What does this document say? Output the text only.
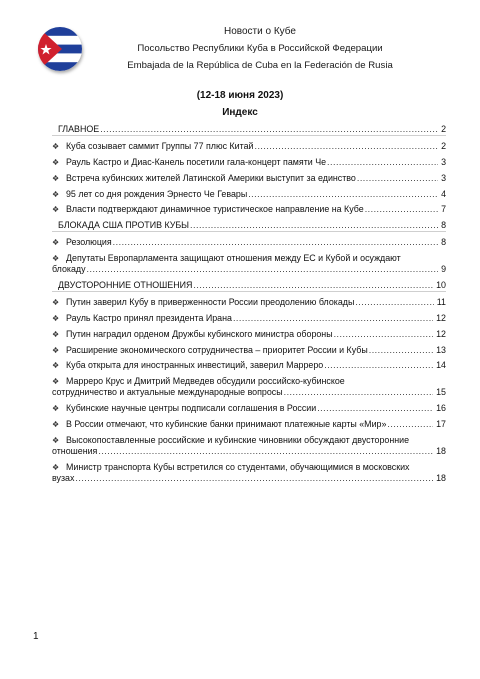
Новости о Кубе
Посольство Республики Куба в Российской Федерации
Embajada de la República de Cuba en la Federación de Rusia
(12-18 июня 2023)
Индекс
ГЛАВНОЕ .....	2
❖ Куба созывает саммит Группы 77 плюс Китай .....	2
❖ Рауль Кастро и Диас-Канель посетили гала-концерт памяти Че .....	3
❖ Встреча кубинских жителей Латинской Америки выступит за единство .....	3
❖ 95 лет со дня рождения Эрнесто Че Гевары .....	4
❖ Власти подтверждают динамичное туристическое направление на Кубе .....	7
БЛОКАДА США ПРОТИВ КУБЫ .....	8
❖ Резолюция .....	8
❖ Депутаты Европарламента защищают отношения между ЕС и Кубой и осуждают
блокаду .....	9
ДВУСТОРОННИЕ ОТНОШЕНИЯ .....	10
❖ Путин заверил Кубу в приверженности России преодолению блокады .....	11
❖ Рауль Кастро принял президента Ирана .....	12
❖ Путин наградил орденом Дружбы кубинского министра обороны .....	12
❖ Расширение экономического сотрудничества – приоритет России и Кубы .....	13
❖ Куба открыта для иностранных инвестиций, заверил Марреро .....	14
❖ Марреро Крус и Дмитрий Медведев обсудили российско-кубинское
сотрудничество и актуальные международные вопросы .....	15
❖ Кубинские научные центры подписали соглашения в России .....	16
❖ В России отмечают, что кубинские банки принимают платежные карты «Мир» .....	17
❖ Высокопоставленные российские и кубинские чиновники обсуждают двусторонние
отношения .....	18
❖ Министр транспорта Кубы встретился со студентами, обучающимися в московских
вузах .....	18
1
